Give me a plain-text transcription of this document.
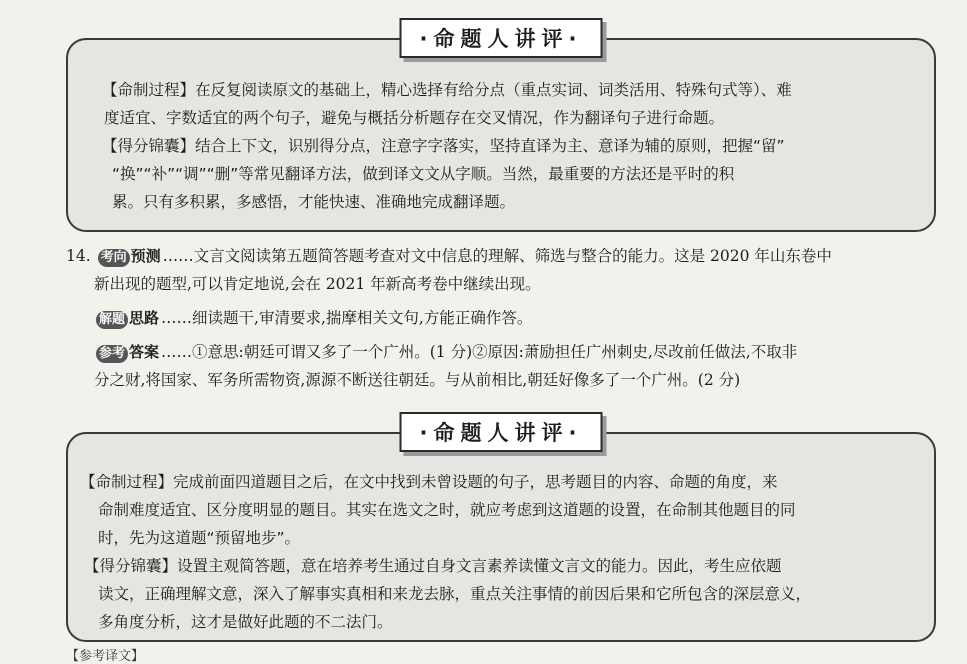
·命题人讲评·

【命制过程】在反复阅读原文的基础上，精心选择有给分点（重点实词、词类活用、特殊句式等）、难

度适宜、字数适宜的两个句子，避免与概括分析题存在交叉情况，作为翻译句子进行命题。

【得分锦囊】结合上下文，识别得分点，注意字字落实，坚持直译为主、意译为辅的原则，把握“留”

“换”“补”“调”“删”等常见翻译方法，做到译文文从字顺。当然，最重要的方法还是平时的积

累。只有多积累，多感悟，才能快速、准确地完成翻译题。

14. 考向 预测 ……文言文阅读第五题简答题考查对文中信息的理解、筛选与整合的能力。这是 2020 年山东卷中

新出现的题型,可以肯定地说,会在 2021 年新高考卷中继续出现。

解题 思路 ……细读题干,审清要求,揣摩相关文句,方能正确作答。

参考 答案 ……①意思:朝廷可谓又多了一个广州。(1 分)②原因:萧励担任广州刺史,尽改前任做法,不取非

分之财,将国家、军务所需物资,源源不断送往朝廷。与从前相比,朝廷好像多了一个广州。(2 分)

·命题人讲评·

【命制过程】完成前面四道题目之后，在文中找到未曾设题的句子，思考题目的内容、命题的角度，来

命制难度适宜、区分度明显的题目。其实在选文之时，就应考虑到这道题的设置，在命制其他题目的同

时，先为这道题“预留地步”。

【得分锦囊】设置主观简答题，意在培养考生通过自身文言素养读懂文言文的能力。因此，考生应依题

读文，正确理解文意，深入了解事实真相和来龙去脉，重点关注事情的前因后果和它所包含的深层意义，

多角度分析，这才是做好此题的不二法门。

【参考译文】
